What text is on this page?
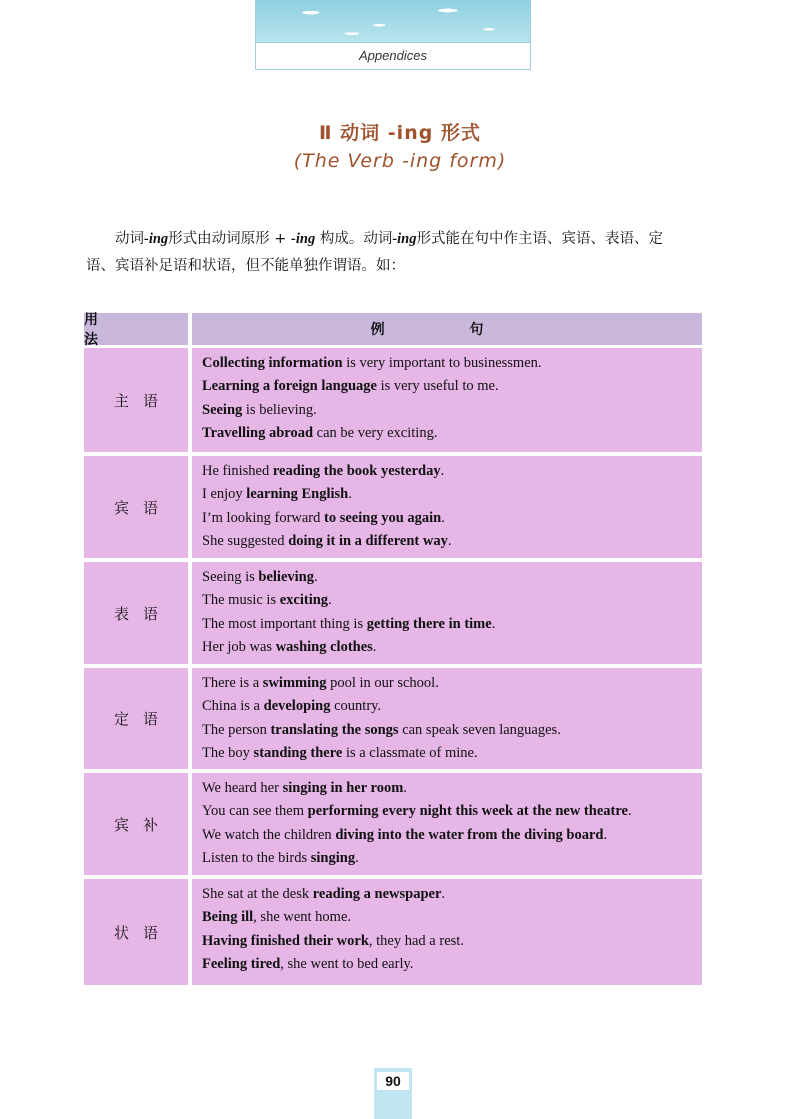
Appendices
Ⅱ 动词 -ing 形式
(The Verb -ing form)
动词-ing形式由动词原形 + -ing 构成。动词-ing形式能在句中作主语、宾语、表语、定
语、宾语补足语和状语，但不能单独作谓语。如：
用 法
例 句
主语
Collecting information is very important to businessmen.
Learning a foreign language is very useful to me.
Seeing is believing.
Travelling abroad can be very exciting.
宾语
He finished reading the book yesterday.
I enjoy learning English.
I’m looking forward to seeing you again.
She suggested doing it in a different way.
表语
Seeing is believing.
The music is exciting.
The most important thing is getting there in time.
Her job was washing clothes.
定语
There is a swimming pool in our school.
China is a developing country.
The person translating the songs can speak seven languages.
The boy standing there is a classmate of mine.
宾补
We heard her singing in her room.
You can see them performing every night this week at the new theatre.
We watch the children diving into the water from the diving board.
Listen to the birds singing.
状语
She sat at the desk reading a newspaper.
Being ill, she went home.
Having finished their work, they had a rest.
Feeling tired, she went to bed early.
90
